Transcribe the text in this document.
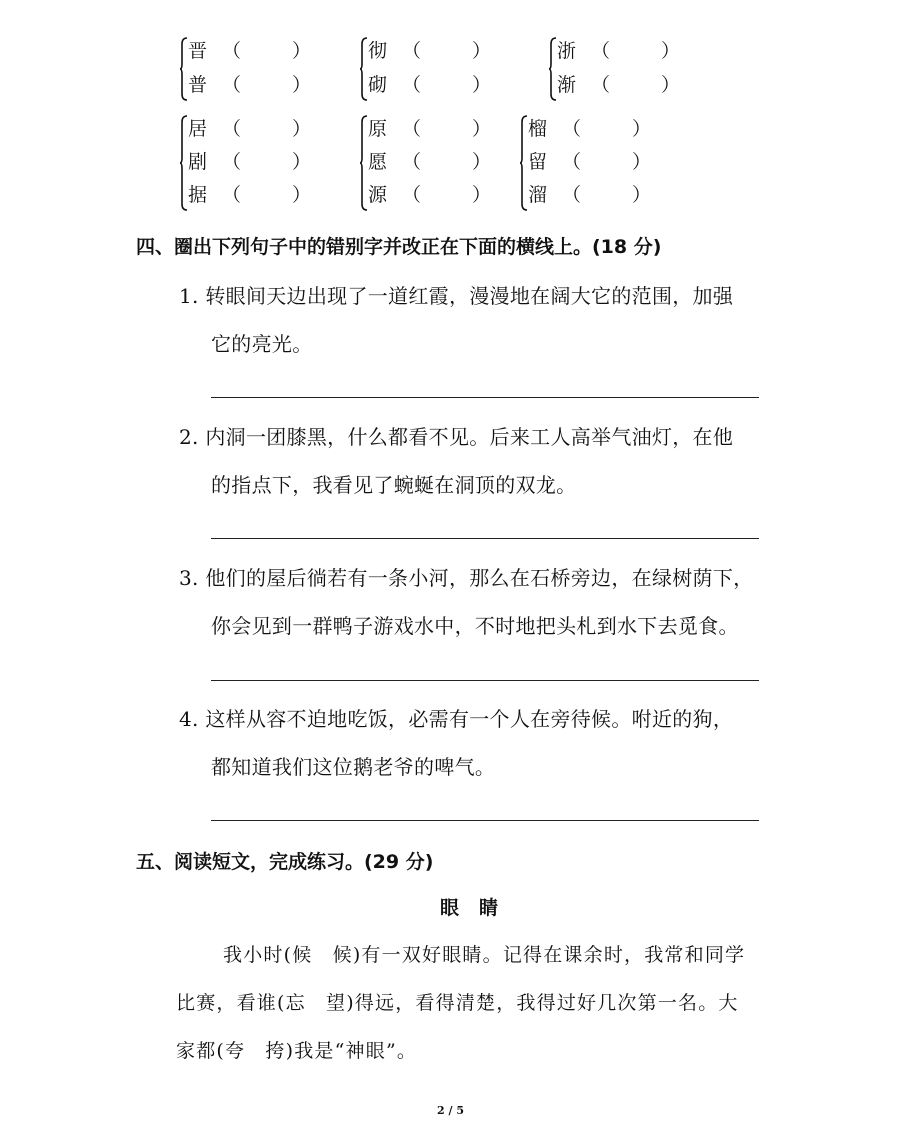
晋 （	）
普 （	）
彻 （	）
砌 （	）
浙 （	）
渐 （	）
居 （	）
剧 （	）
据 （	）
原 （	）
愿 （	）
源 （	）
榴 （	）
留 （	）
溜 （	）
四、圈出下列句子中的错别字并改正在下面的横线上。(18 分)
1. 转眼间天边出现了一道红霞，漫漫地在阔大它的范围，加强
它的亮光。
2. 内洞一团膝黑，什么都看不见。后来工人高举气油灯，在他
的指点下，我看见了蜿蜒在洞顶的双龙。
3. 他们的屋后徜若有一条小河，那么在石桥旁边，在绿树荫下，
你会见到一群鸭子游戏水中，不时地把头札到水下去觅食。
4. 这样从容不迫地吃饭，必需有一个人在旁待候。咐近的狗，
都知道我们这位鹅老爷的啤气。
五、阅读短文，完成练习。(29 分)
眼睛
我小时(候　候)有一双好眼睛。记得在课余时，我常和同学
比赛，看谁(忘　望)得远，看得清楚，我得过好几次第一名。大
家都(夸　挎)我是“神眼”。
2 / 5
